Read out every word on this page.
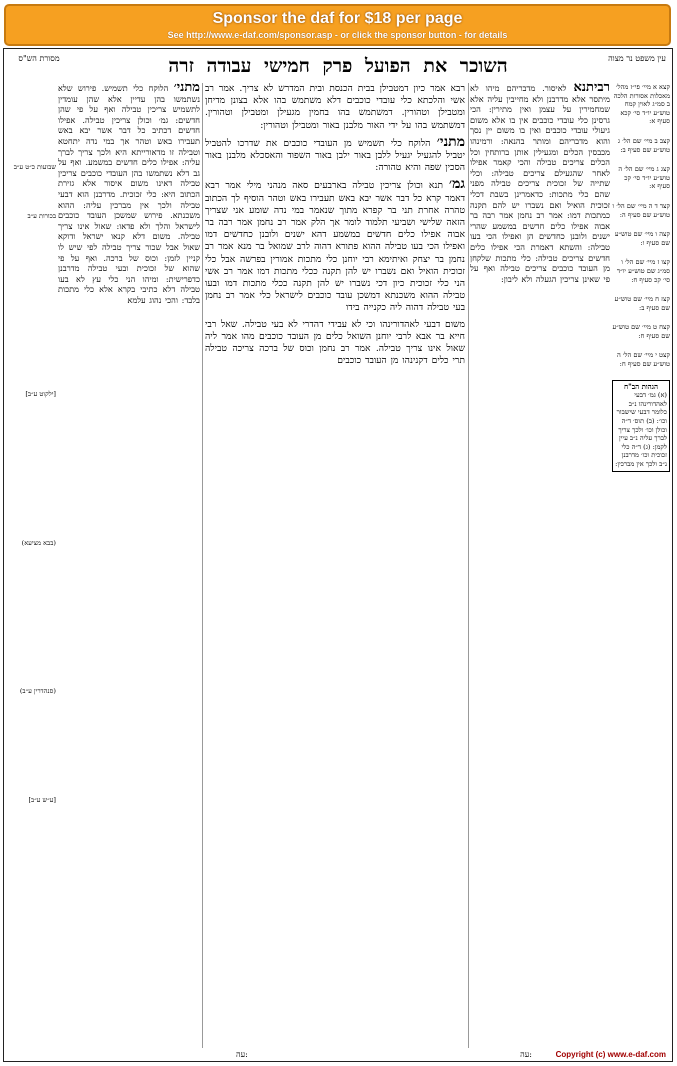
Sponsor the daf for $18 per page
See http://www.e-daf.com/sponsor.asp - or click the sponsor button - for details
עין משפט נר מצוה
השוכר את הפועל פרק חמישי עבודה זרה
מסורת הש"ס
קצא א מיי׳ פי״ז מהל׳ מאכלות אסורות הלכה ב סמ״ג לאוין קמח טוש״ע יו״ד סי׳ קכא סעיף א:
קצב ב מיי׳ שם הל׳ ג טוש״ע שם סעיף ב:
קצג ג מיי׳ שם הל׳ ה טוש״ע יו״ד סי׳ קכ סעיף א:
קצד ד ה מיי׳ שם הל׳ ו טוש״ע שם סעיף ה:
קצה ו מיי׳ שם טוש״ע שם סעיף ו:
קצו ז מיי׳ שם הל׳ ו סמ״ג שם טוש״ע יו״ד סי׳ קכ סעיף ח:
קצז ח מיי׳ שם טוש״ע שם סעיף ב:
קצח ט מיי׳ שם טוש״ע שם סעיף ח:
קצט י מיי׳ שם הל׳ ה טוש״ע שם סעיף ח:
הגהות הב"ח
(א) גמ׳ דבעי לאהדורינהו נ״ב כלומר דבעי שישבור וכו׳: (ב) תוס׳ ד״ה וכולן וכו׳ ולכך צריך לברך עליה נ״ב עיין לקמן: (ג) ד״ה כלי זכוכית וכו׳ מדרבנן נ״ב ולכך אין מברכין:
רביתנא לאיסור. מדבריהם מיהו לא מיתסר אלא מדרבנן ולא מחייבין עליה אלא שמחמירין על עצמן ואין מתירין: הכי גרסינן כלי עובדי כוכבים אין בו אלא משום גיעולי עובדי כוכבים ואין בו משום יין נסך והוא מדבריהם ומותר בהנאה: ורמינהו מכבסין הכלים ומגעילין אותן ברותחין וכל הכלים צריכים טבילה והכי קאמר אפילו לאחר שהגעילם צריכים טבילה: וכלי שתייה של זכוכית צריכים טבילה מפני שהם כלי מתכות: כדאמרינן בשבת דכלי זכוכית הואיל ואם נשברו יש להם תקנה כמתכות דמו: אמר רב נחמן אמר רבה בר אבוה אפילו כלים חדשים במשמע שהרי ישנים ולובנן כחדשים הן ואפילו הכי בעו טבילה: והשתא דאמרת הכי אפילו כלים חדשים צריכים טבילה: כלי מתכות שלקחן מן העובד כוכבים צריכים טבילה ואף על פי שאינן צריכין הגעלה ולא ליבון:

רבא אמר כיון דמטבילן בבית הכנסת ובית המדרש לא צריך. אמר רב אשי והלכתא כלי עובדי כוכבים דלא משתמש בהו אלא בצונן מדיחן ומטבילן וטהורין. דמשתמש בהו בחמין מגעילן ומטבילן וטהורין. דמשתמש בהו על ידי האור מלבנן באור ומטבילן וטהורין:

מתני׳ הלוקח כלי תשמיש מן העובדי כוכבים את שדרכו להטביל יטביל להגעיל יגעיל ללבן באור ילבן באור השפוד והאסכלא מלבנן באור הסכין שפה והיא טהורה:

גמ׳ תנא וכולן צריכין טבילה בארבעים סאה מנהני מילי אמר רבא דאמר קרא כל דבר אשר יבא באש תעבירו באש וטהר הוסיף לך הכתוב טהרה אחרת תני בר קפרא מתוך שנאמר במי נדה שומע אני שצריך הזאה שלישי ושביעי תלמוד לומר אך הלק אמר רב נחמן אמר רבה בר אבוה אפילו כלים חדשים במשמע דהא ישנים ולובנן כחדשים דמו ואפילו הכי בעו טבילה ההוא פתורא דהוה לרב שמואל בר מנא אמר רב נחמן בר יצחק ואיתימא רבי יוחנן כלי מתכות אמורין בפרשה אבל כלי זכוכית הואיל ואם נשברו יש להן תקנה ככלי מתכות דמו אמר רב אשי הני כלי זכוכית כיון דכי נשברו יש להן תקנה ככלי מתכות דמו ובעו טבילה ההוא משכנתא דמשכן עובד כוכבים לישראל כלי אמר רב נחמן בעי טבילה דהוה ליה כקנייה בידו

משום דבעי לאהדורינהו וכי לא עבידי דהדרי לא בעי טבילה. שאל רבי חייא בר אבא לרבי יוחנן השואל כלים מן העובד כוכבים מהו אמר ליה שאול אינו צריך טבילה. אמר רב נחמן וכוס של ברכה צריכה טבילה תרי כלים דקנינהו מן העובד כוכבים

מתני׳ הלוקח כלי תשמיש. פירוש שלא נשתמשו בהן עדיין אלא שהן עומדין לתשמיש צריכין טבילה ואף על פי שהן חדשים: גמ׳ וכולן צריכין טבילה. אפילו חדשים דכתיב כל דבר אשר יבא באש תעבירו באש וטהר אך במי נדה יתחטא וטבילה זו מדאורייתא היא ולכך צריך לברך עליה: אפילו כלים חדשים במשמע. ואף על גב דלא נשתמשו בהן העובדי כוכבים צריכין טבילה דאינו משום איסור אלא גזירת הכתוב היא: כלי זכוכית. מדרבנן הוא דבעי טבילה ולכך אין מברכין עליה: ההוא משכנתא. פירוש שמשכן העובד כוכבים לישראל והלך ולא פדאו: שאול אינו צריך טבילה. משום דלא קנאו ישראל ודוקא שאול אבל שכור צריך טבילה לפי שיש לו קניין לזמן: וכוס של ברכה. ואף על פי שהוא של זכוכית ובעי טבילה מדרבנן כדפרישית: ומיהו הני כלי עץ לא בעו טבילה דלא כתיבי בקרא אלא כלי מתכות בלבד: והכי נהוג עלמא
שבועות כ״ט ע״ב
בכורות ע״ב
[ילקוט ע״ב]
(בבא מציעא)
(סנהדרין ע״ב)
[ע״ש ע״ב]
עה:	עה:	Copyright (c) www.e-daf.com
